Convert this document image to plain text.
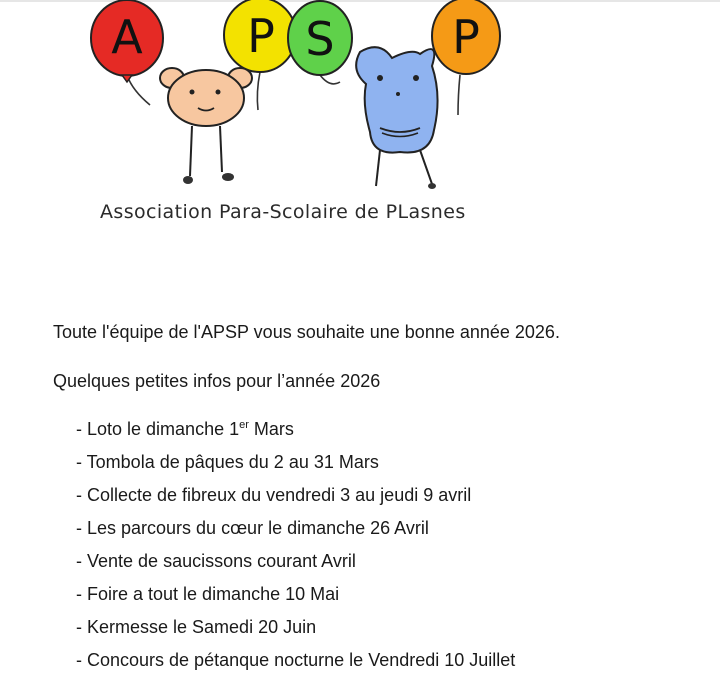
A P S	P
Association Para-Scolaire de PLasnes
Toute l'équipe de l'APSP vous souhaite une bonne année 2026.
Quelques petites infos pour l’année 2026
- Loto le dimanche 1er Mars
- Tombola de pâques du 2 au 31 Mars
- Collecte de fibreux du vendredi 3 au jeudi 9 avril
- Les parcours du cœur le dimanche 26 Avril
- Vente de saucissons courant Avril
- Foire a tout le dimanche 10 Mai
- Kermesse le Samedi 20 Juin
- Concours de pétanque nocturne le Vendredi 10 Juillet
